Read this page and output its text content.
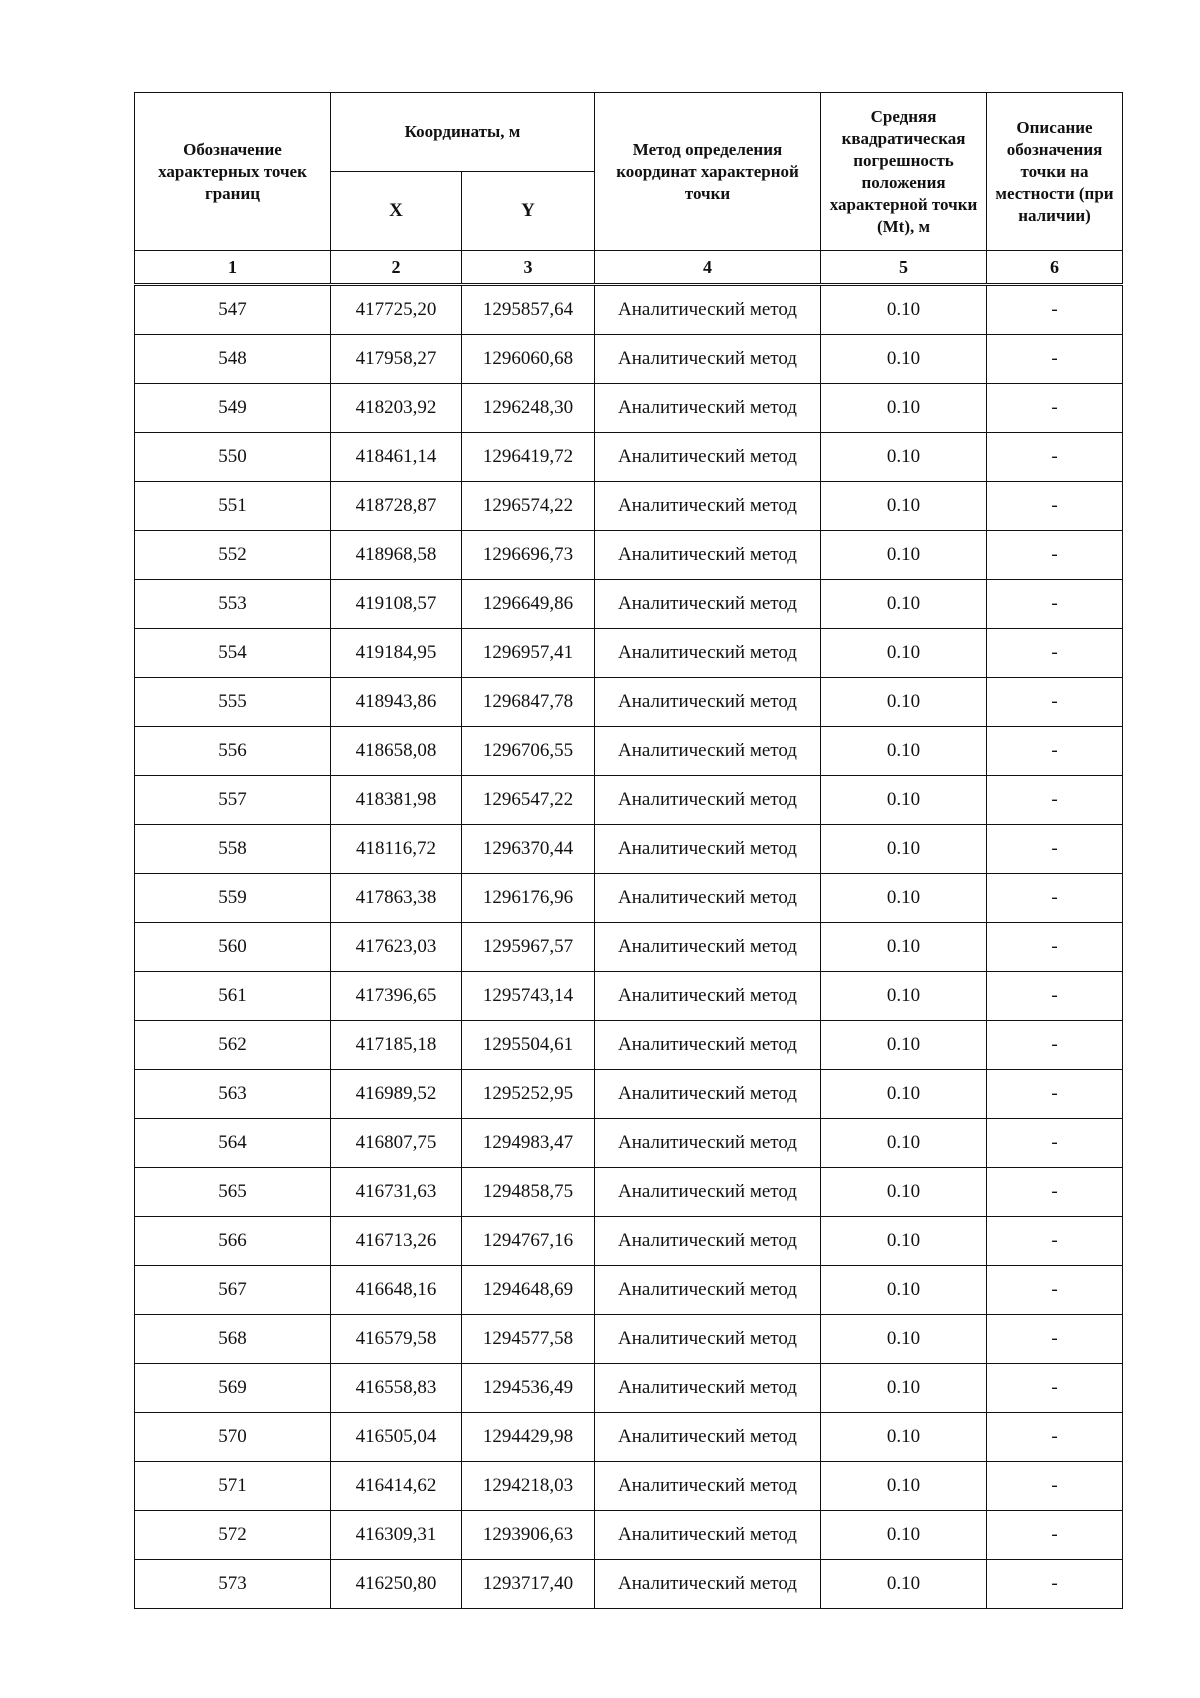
Обозначение характерных точек границ	Координаты, м		Метод определения координат характерной точки	Средняя квадратическая погрешность положения характерной точки (Mt), м	Описание обозначения точки на местности (при наличии)
	X	Y			
1	2	3	4	5	6
547	417725,20	1295857,64	Аналитический метод	0.10	-
548	417958,27	1296060,68	Аналитический метод	0.10	-
549	418203,92	1296248,30	Аналитический метод	0.10	-
550	418461,14	1296419,72	Аналитический метод	0.10	-
551	418728,87	1296574,22	Аналитический метод	0.10	-
552	418968,58	1296696,73	Аналитический метод	0.10	-
553	419108,57	1296649,86	Аналитический метод	0.10	-
554	419184,95	1296957,41	Аналитический метод	0.10	-
555	418943,86	1296847,78	Аналитический метод	0.10	-
556	418658,08	1296706,55	Аналитический метод	0.10	-
557	418381,98	1296547,22	Аналитический метод	0.10	-
558	418116,72	1296370,44	Аналитический метод	0.10	-
559	417863,38	1296176,96	Аналитический метод	0.10	-
560	417623,03	1295967,57	Аналитический метод	0.10	-
561	417396,65	1295743,14	Аналитический метод	0.10	-
562	417185,18	1295504,61	Аналитический метод	0.10	-
563	416989,52	1295252,95	Аналитический метод	0.10	-
564	416807,75	1294983,47	Аналитический метод	0.10	-
565	416731,63	1294858,75	Аналитический метод	0.10	-
566	416713,26	1294767,16	Аналитический метод	0.10	-
567	416648,16	1294648,69	Аналитический метод	0.10	-
568	416579,58	1294577,58	Аналитический метод	0.10	-
569	416558,83	1294536,49	Аналитический метод	0.10	-
570	416505,04	1294429,98	Аналитический метод	0.10	-
571	416414,62	1294218,03	Аналитический метод	0.10	-
572	416309,31	1293906,63	Аналитический метод	0.10	-
573	416250,80	1293717,40	Аналитический метод	0.10	-
